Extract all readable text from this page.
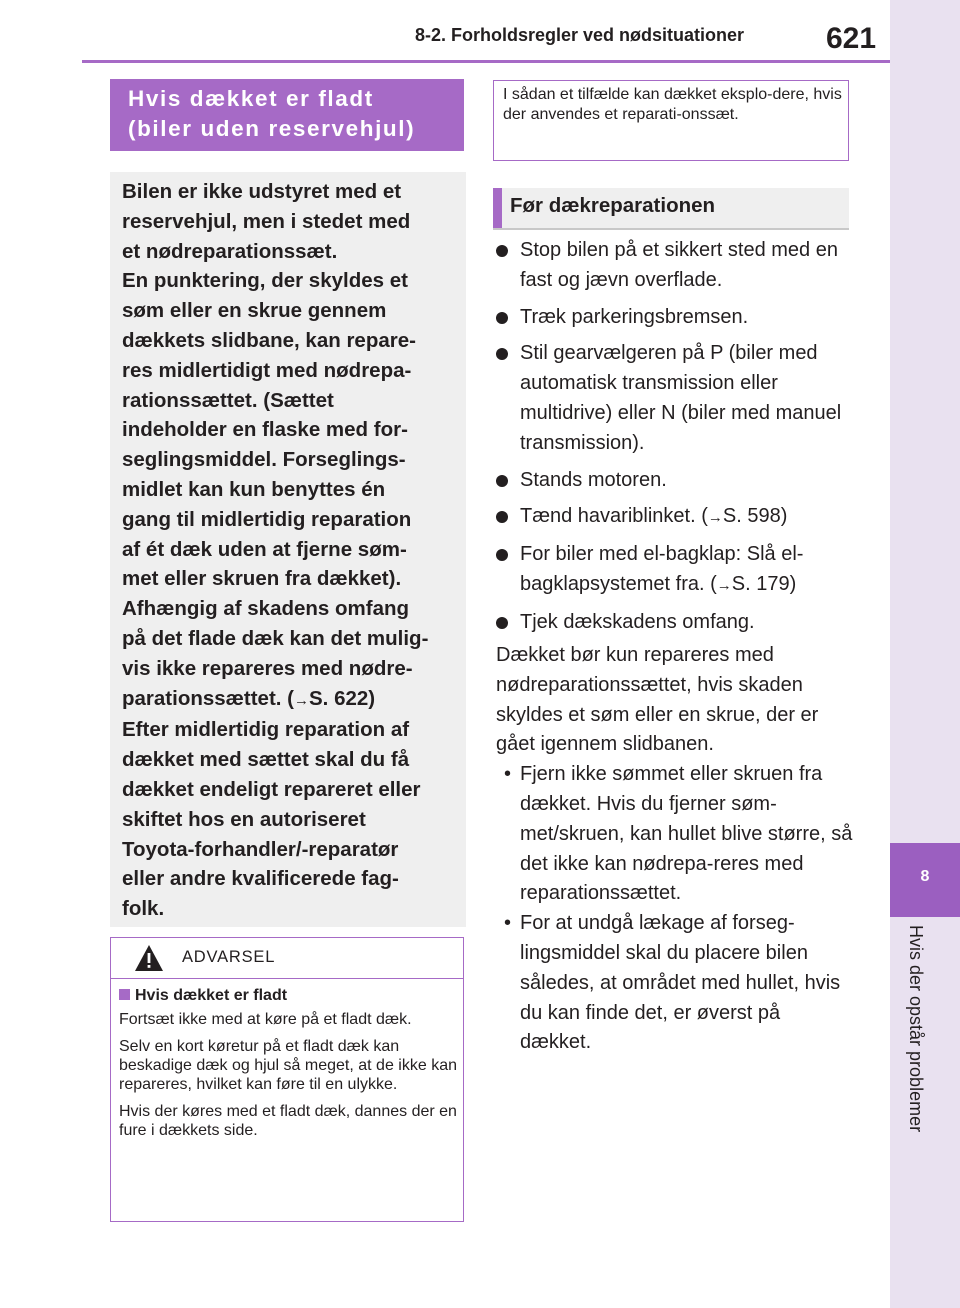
8-2. Forholdsregler ved nødsituationer	621
8
Hvis der opstår problemer
Hvis dækket er fladt
(biler uden reservehjul)

Bilen er ikke udstyret med et

reservehjul, men i stedet med

et nødreparationssæt.

En punktering, der skyldes et

søm eller en skrue gennem

dækkets slidbane, kan repare-

res midlertidigt med nødrepa-

rationssættet. (Sættet

indeholder en flaske med for-

seglingsmiddel. Forseglings-

midlet kan kun benyttes én

gang til midlertidig reparation

af ét dæk uden at fjerne søm-

met eller skruen fra dækket).

Afhængig af skadens omfang

på det flade dæk kan det mulig-

vis ikke repareres med nødre-

parationssættet. (→S. 622)

Efter midlertidig reparation af

dækket med sættet skal du få

dækket endeligt repareret eller

skiftet hos en autoriseret

Toyota-forhandler/-reparatør

eller andre kvalificerede fag-

folk.

ADVARSEL
Hvis dækket er fladt

Fortsæt ikke med at køre på et fladt dæk.

Selv en kort køretur på et fladt dæk kan beskadige dæk og hjul så meget, at de ikke kan repareres, hvilket kan føre til en ulykke.

Hvis der køres med et fladt dæk, dannes der en fure i dækkets side.

I sådan et tilfælde kan dækket eksplo-dere, hvis der anvendes et reparati-onssæt.
Før dækreparationen
Stop bilen på et sikkert sted med en fast og jævn overflade.
Træk parkeringsbremsen.
Stil gearvælgeren på P (biler med automatisk transmission eller multidrive) eller N (biler med manuel transmission).
Stands motoren.
Tænd havariblinket. (→S. 598)
For biler med el-bagklap: Slå el-bagklapsystemet fra. (→S. 179)
Tjek dækskadens omfang.

Dækket bør kun repareres med nødreparationssættet, hvis skaden skyldes et søm eller en skrue, der er gået igennem slidbanen.

• Fjern ikke sømmet eller skruen fra dækket. Hvis du fjerner søm-met/skruen, kan hullet blive større, så det ikke kan nødrepa-reres med reparationssættet.

• For at undgå lækage af forseg-lingsmiddel skal du placere bilen således, at området med hullet, hvis du kan finde det, er øverst på dækket.
